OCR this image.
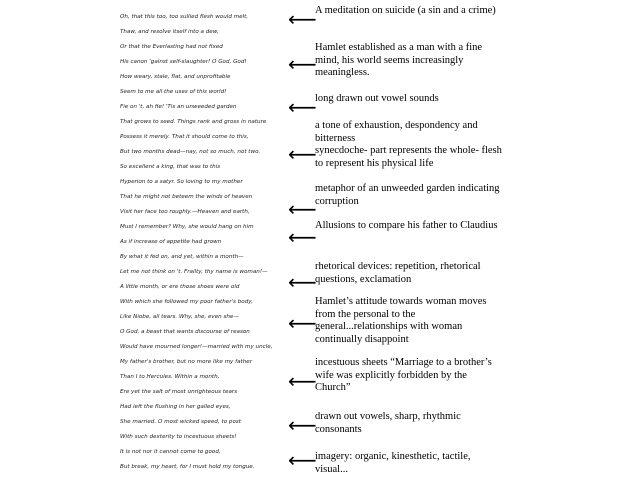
Oh, that this too, too sullied flesh would melt,
Thaw, and resolve itself into a dew,
Or that the Everlasting had not fixed
His canon 'gainst self-slaughter! O God, God!
How weary, stale, flat, and unprofitable
Seem to me all the uses of this world!
Fie on 't, ah fie! 'Tis an unweeded garden
That grows to seed. Things rank and gross in nature
Possess it merely. That it should come to this,
But two months dead—nay, not so much, not two.
So excellent a king, that was to this
Hyperion to a satyr. So loving to my mother
That he might not beteem the winds of heaven
Visit her face too roughly.—Heaven and earth,
Must I remember? Why, she would hang on him
As if increase of appetite had grown
By what it fed on, and yet, within a month—
Let me not think on 't. Frailty, thy name is woman!—
A little month, or ere those shoes were old
With which she followed my poor father's body,
Like Niobe, all tears. Why, she, even she—
O God, a beast that wants discourse of reason
Would have mourned longer!—married with my uncle,
My father's brother, but no more like my father
Than I to Hercules. Within a month,
Ere yet the salt of most unrighteous tears
Had left the flushing in her galled eyes,
She married. O most wicked speed, to post
With such dexterity to incestuous sheets!
It is not nor it cannot come to good,
But break, my heart, for I must hold my tongue.
⟵
⟵
⟵
⟵
⟵
⟵
⟵
⟵
⟵
⟵
⟵
A meditation on suicide (a sin and a crime)
Hamlet established as a man with a fine mind, his world seems increasingly meaningless.
long drawn out vowel sounds
a tone of exhaustion, despondency and bitterness
synecdoche- part represents the whole- flesh to represent his physical life
metaphor of an unweeded garden indicating corruption
Allusions to compare his father to Claudius
rhetorical devices: repetition, rhetorical questions, exclamation
Hamlet’s attitude towards woman moves from the personal to the general...relationships with woman continually disappoint
incestuous sheets “Marriage to a brother’s wife was explicitly forbidden by the Church”
drawn out vowels, sharp, rhythmic consonants
imagery: organic, kinesthetic, tactile, visual...
